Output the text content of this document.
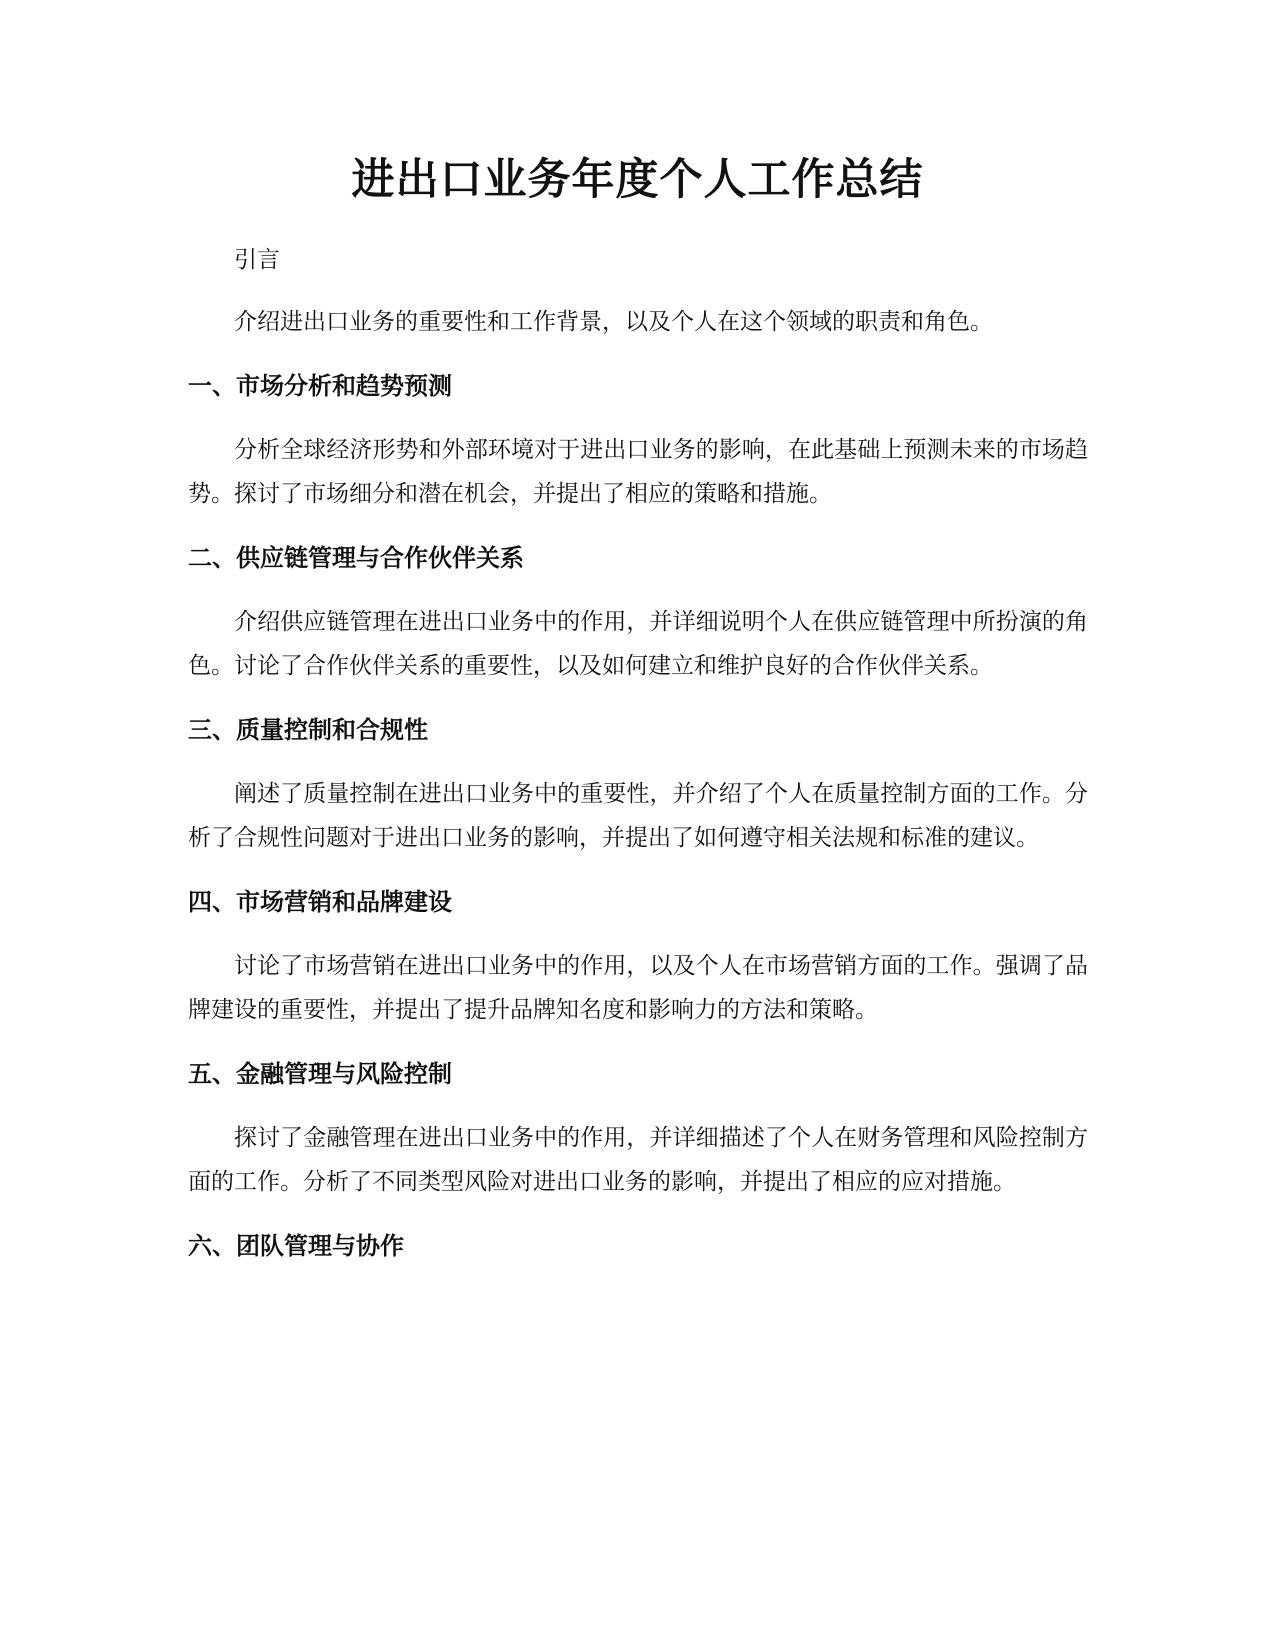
进出口业务年度个人工作总结

引言

介绍进出口业务的重要性和工作背景，以及个人在这个领域的职责和角色。

一、市场分析和趋势预测

分析全球经济形势和外部环境对于进出口业务的影响，在此基础上预测未来的市场趋势。探讨了市场细分和潜在机会，并提出了相应的策略和措施。

二、供应链管理与合作伙伴关系

介绍供应链管理在进出口业务中的作用，并详细说明个人在供应链管理中所扮演的角色。讨论了合作伙伴关系的重要性，以及如何建立和维护良好的合作伙伴关系。

三、质量控制和合规性

阐述了质量控制在进出口业务中的重要性，并介绍了个人在质量控制方面的工作。分析了合规性问题对于进出口业务的影响，并提出了如何遵守相关法规和标准的建议。

四、市场营销和品牌建设

讨论了市场营销在进出口业务中的作用，以及个人在市场营销方面的工作。强调了品牌建设的重要性，并提出了提升品牌知名度和影响力的方法和策略。

五、金融管理与风险控制

探讨了金融管理在进出口业务中的作用，并详细描述了个人在财务管理和风险控制方面的工作。分析了不同类型风险对进出口业务的影响，并提出了相应的应对措施。

六、团队管理与协作
